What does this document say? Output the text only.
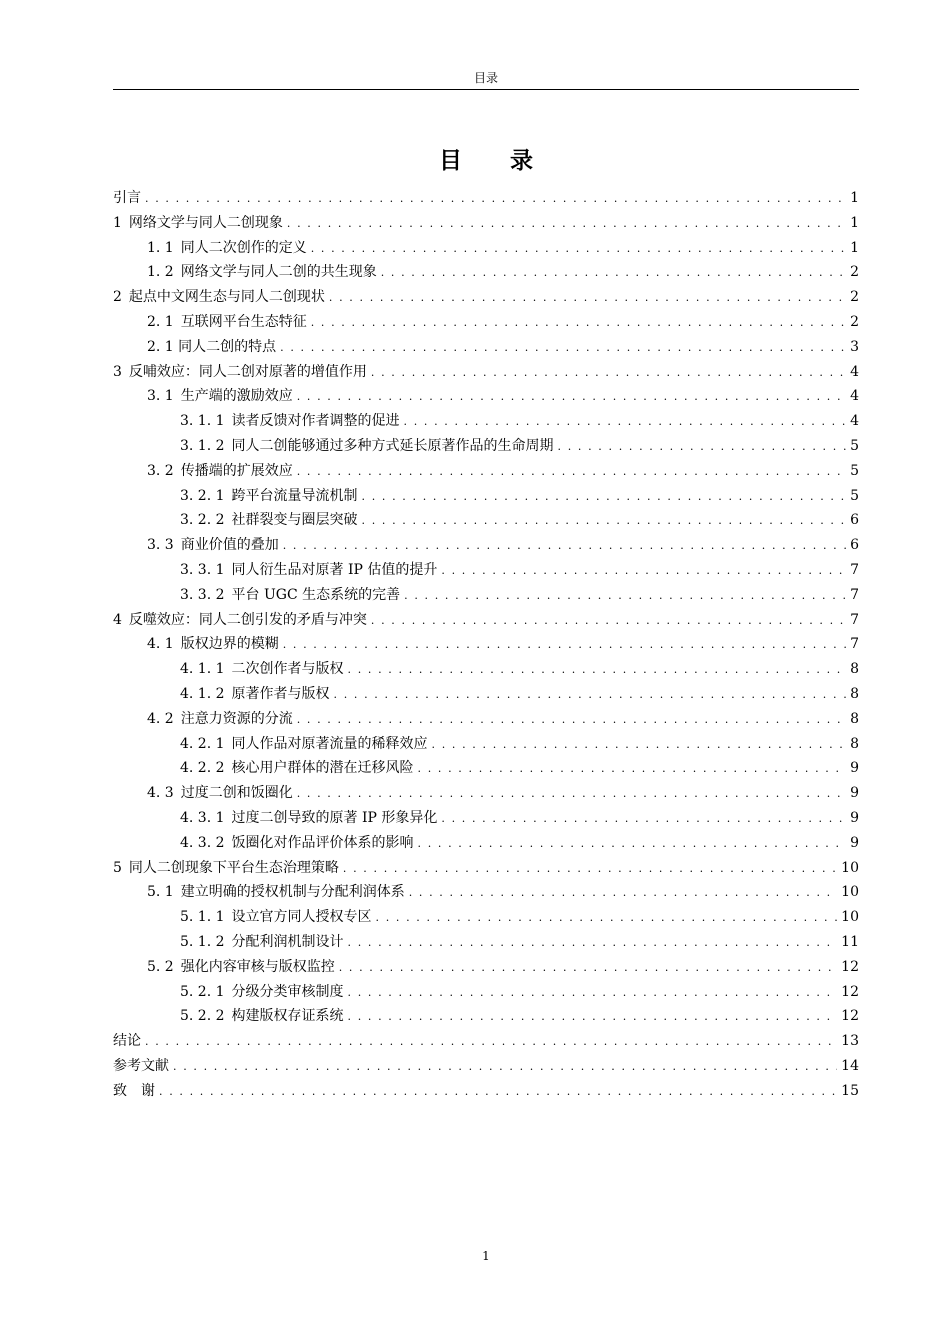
目录
目 录
引言 . . .	1
1 网络文学与同人二创现象 . . .	1
1. 1 同人二次创作的定义 . . .	1
1. 2 网络文学与同人二创的共生现象 . . .	2
2 起点中文网生态与同人二创现状 . . .	2
2. 1 互联网平台生态特征 . . .	2
2. 1 同人二创的特点 . . .	3
3 反哺效应：同人二创对原著的增值作用 . . .	4
3. 1 生产端的激励效应 . . .	4
3. 1. 1 读者反馈对作者调整的促进 . . .	4
3. 1. 2 同人二创能够通过多种方式延长原著作品的生命周期 . . .	5
3. 2 传播端的扩展效应 . . .	5
3. 2. 1 跨平台流量导流机制 . . .	5
3. 2. 2 社群裂变与圈层突破 . . .	6
3. 3 商业价值的叠加 . . .	6
3. 3. 1 同人衍生品对原著 IP 估值的提升 . . .	7
3. 3. 2 平台 UGC 生态系统的完善 . . .	7
4 反噬效应：同人二创引发的矛盾与冲突 . . .	7
4. 1 版权边界的模糊 . . .	7
4. 1. 1 二次创作者与版权 . . .	8
4. 1. 2 原著作者与版权 . . .	8
4. 2 注意力资源的分流 . . .	8
4. 2. 1 同人作品对原著流量的稀释效应 . . .	8
4. 2. 2 核心用户群体的潜在迁移风险 . . .	9
4. 3 过度二创和饭圈化 . . .	9
4. 3. 1 过度二创导致的原著 IP 形象异化 . . .	9
4. 3. 2 饭圈化对作品评价体系的影响 . . .	9
5 同人二创现象下平台生态治理策略 . . .	10
5. 1 建立明确的授权机制与分配利润体系 . . .	10
5. 1. 1 设立官方同人授权专区 . . .	10
5. 1. 2 分配利润机制设计 . . .	11
5. 2 强化内容审核与版权监控 . . .	12
5. 2. 1 分级分类审核制度 . . .	12
5. 2. 2 构建版权存证系统 . . .	12
结论 . . .	13
参考文献 . . .	14
致　谢 . . .	15
1
